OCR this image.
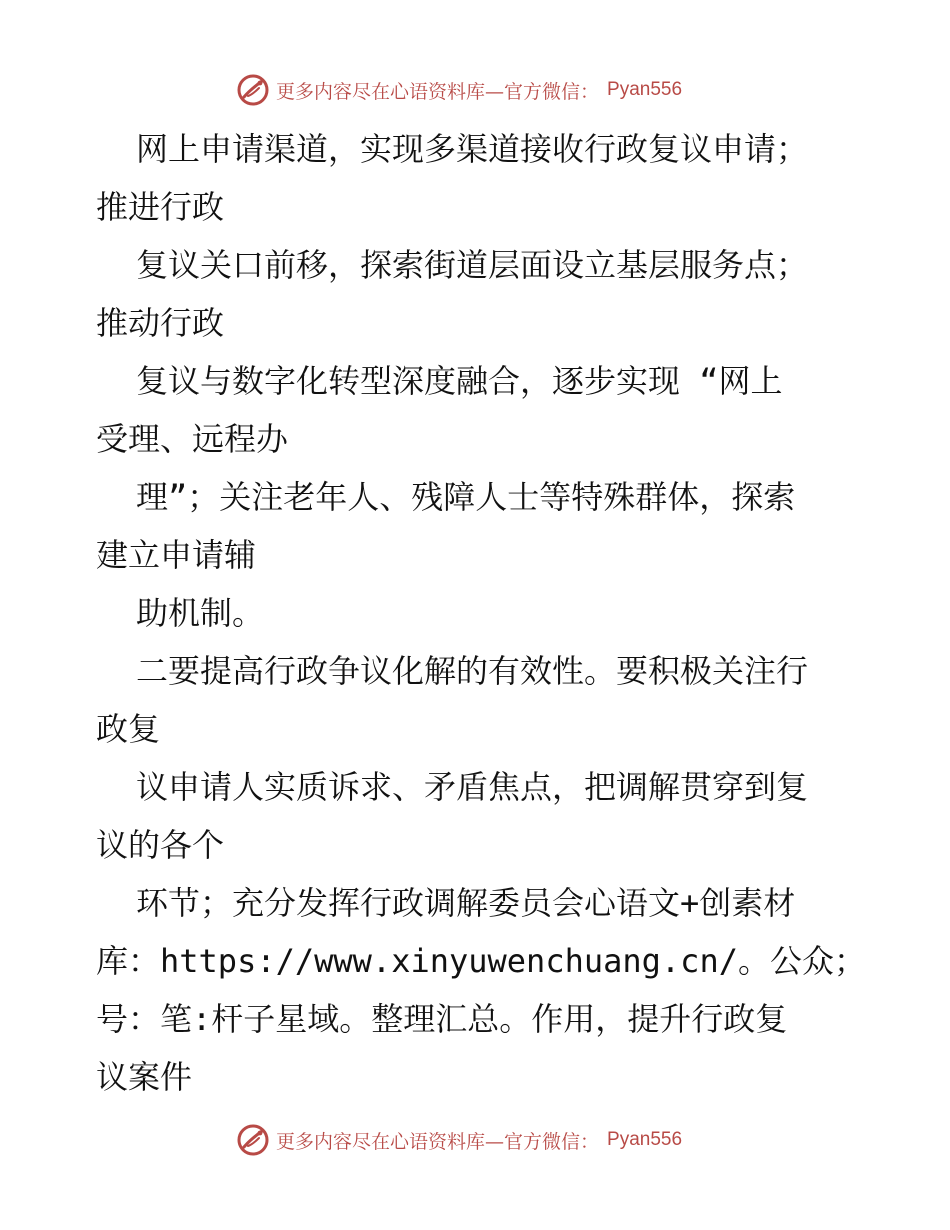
更多内容尽在心语资料库—官方微信： Pyan556
网上申请渠道，实现多渠道接收行政复议申请；
推进行政
复议关口前移，探索街道层面设立基层服务点；
推动行政
复议与数字化转型深度融合，逐步实现 “网上
受理、远程办
理”；关注老年人、残障人士等特殊群体，探索
建立申请辅
助机制。
二要提高行政争议化解的有效性。要积极关注行
政复
议申请人实质诉求、矛盾焦点，把调解贯穿到复
议的各个
环节；充分发挥行政调解委员会心语文+创素材
库：https://www.xinyuwenchuang.cn/。公众；
号：笔:杆子星域。整理汇总。作用，提升行政复
议案件
更多内容尽在心语资料库—官方微信： Pyan556
